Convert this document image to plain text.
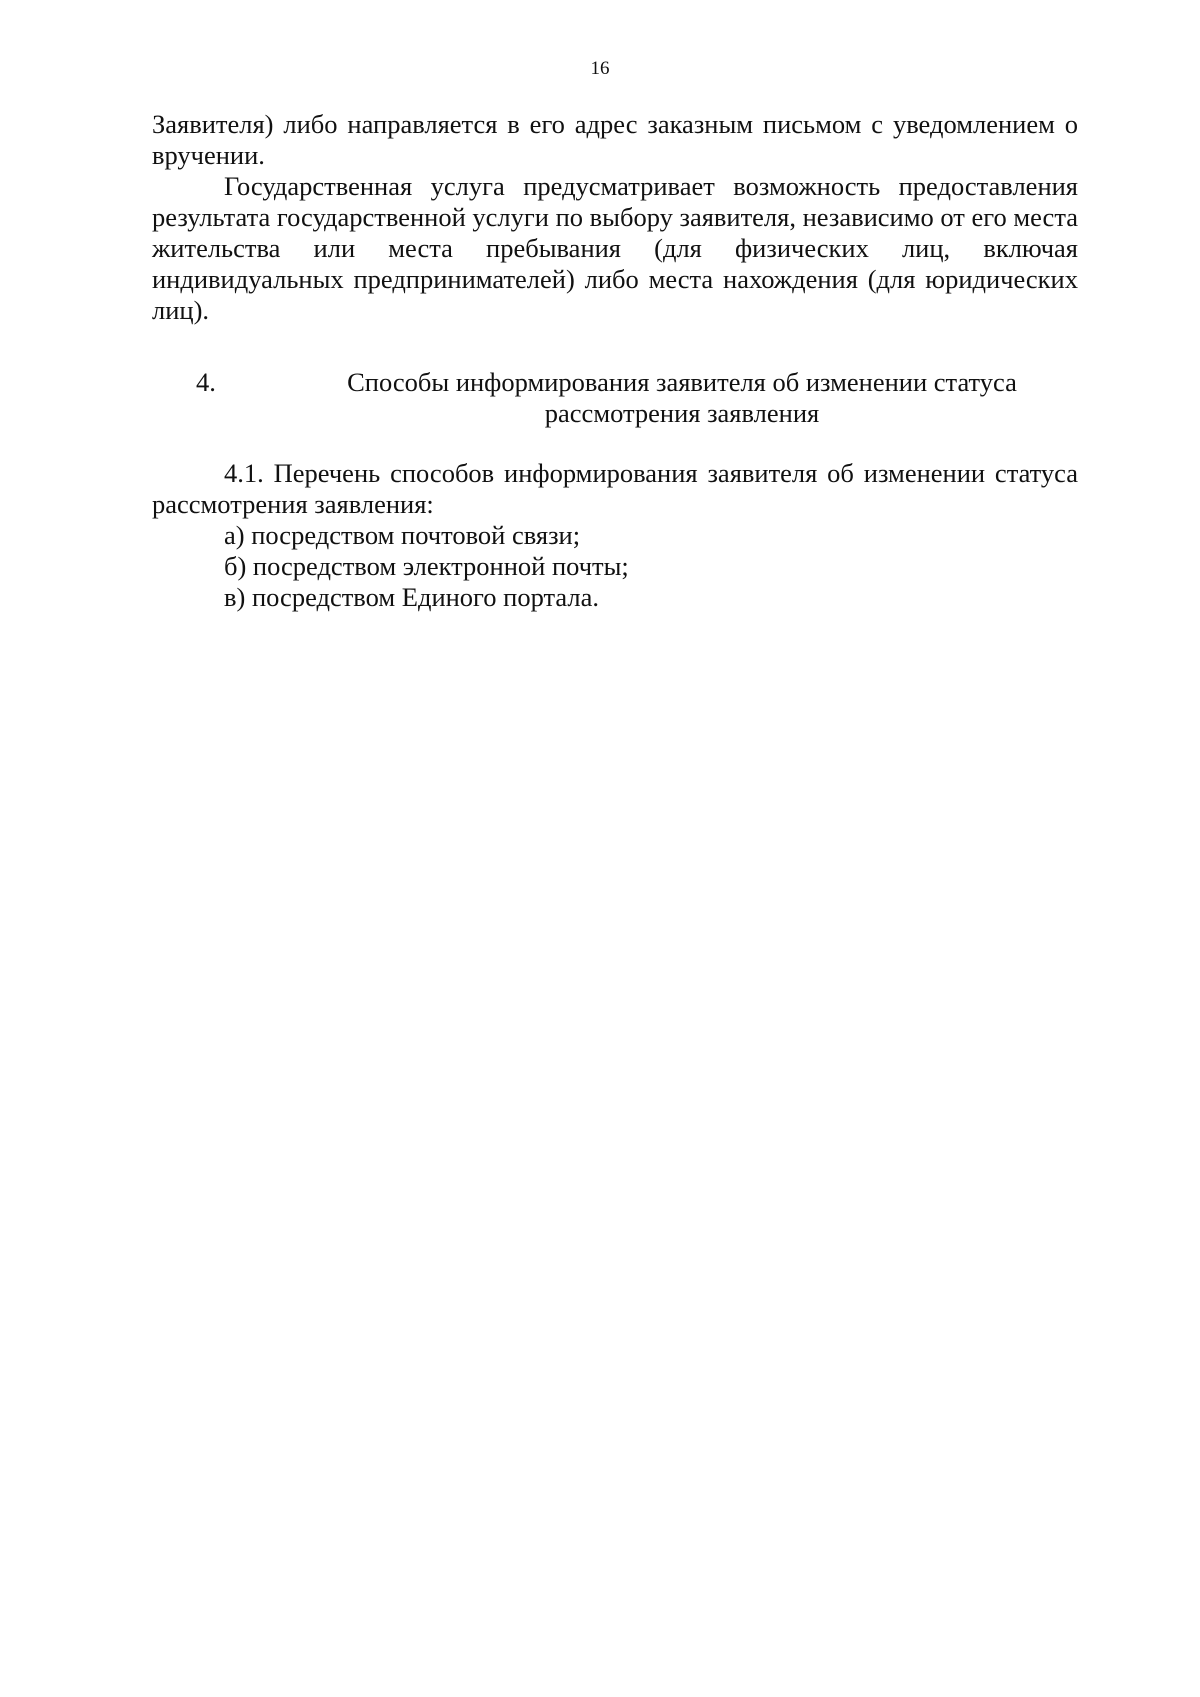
16

Заявителя) либо направляется в его адрес заказным письмом с уведомлением о вручении.

Государственная услуга предусматривает возможность предоставления результата государственной услуги по выбору заявителя, независимо от его места жительства или места пребывания (для физических лиц, включая индивидуальных предпринимателей) либо места нахождения (для юридических лиц).

4.	Способы информирования заявителя об изменении статуса рассмотрения заявления

4.1. Перечень способов информирования заявителя об изменении статуса рассмотрения заявления:

а) посредством почтовой связи;

б) посредством электронной почты;

в) посредством Единого портала.
